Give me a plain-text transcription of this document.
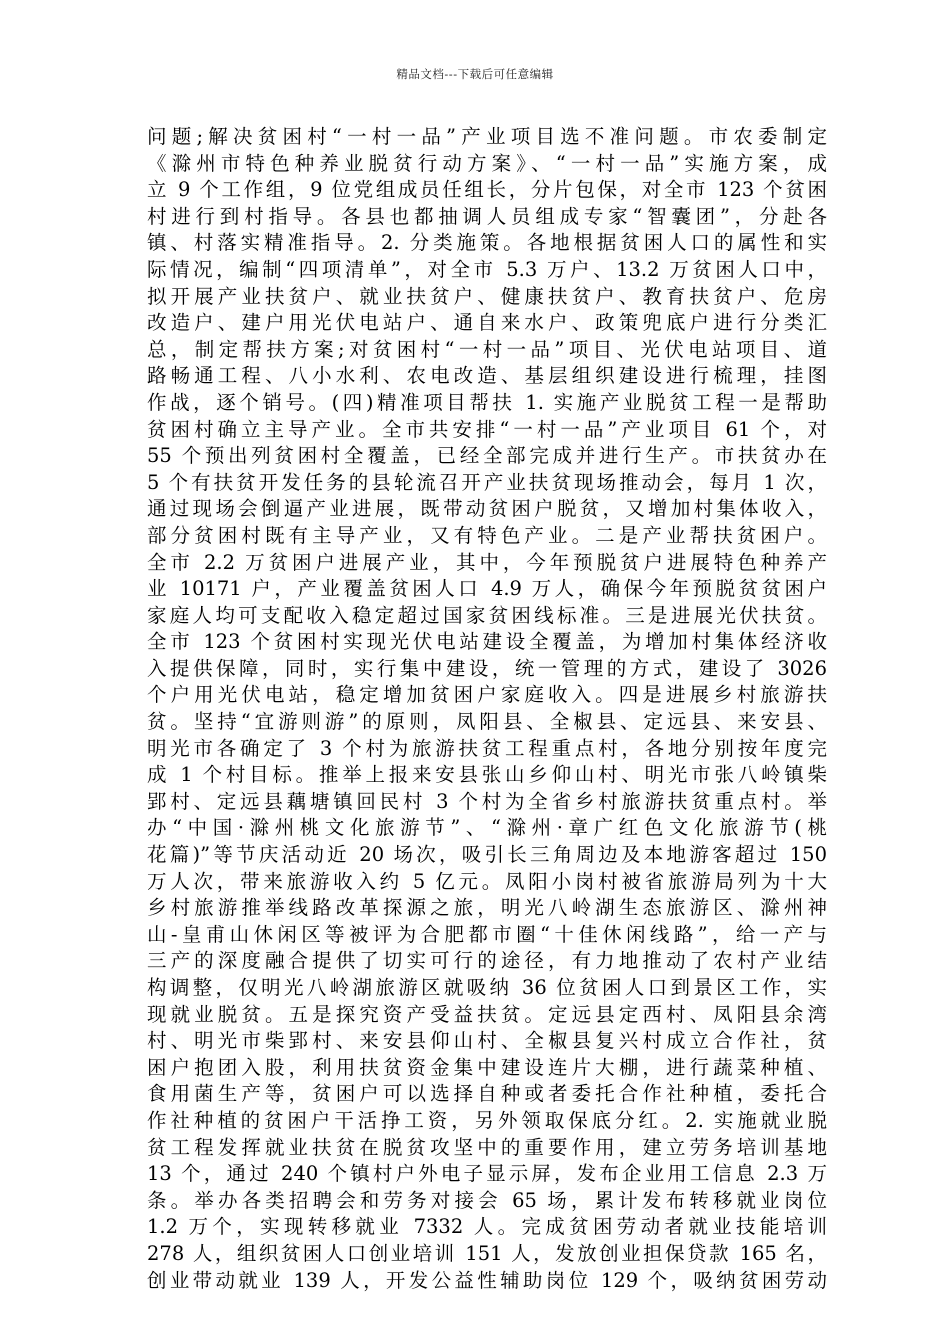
精品文档---下载后可任意编辑
问题;解决贫困村“一村一品”产业项目选不准问题。市农委制定
《滁州市特色种养业脱贫行动方案》、“一村一品”实施方案，成
立 9 个工作组，9 位党组成员任组长，分片包保，对全市 123 个贫困
村进行到村指导。各县也都抽调人员组成专家“智囊团”，分赴各
镇、村落实精准指导。2. 分类施策。各地根据贫困人口的属性和实
际情况，编制“四项清单”，对全市 5.3 万户、13.2 万贫困人口中，
拟开展产业扶贫户、就业扶贫户、健康扶贫户、教育扶贫户、危房
改造户、建户用光伏电站户、通自来水户、政策兜底户进行分类汇
总，制定帮扶方案;对贫困村“一村一品”项目、光伏电站项目、道
路畅通工程、八小水利、农电改造、基层组织建设进行梳理，挂图
作战，逐个销号。(四)精准项目帮扶 1. 实施产业脱贫工程一是帮助
贫困村确立主导产业。全市共安排“一村一品”产业项目 61 个，对
55 个预出列贫困村全覆盖，已经全部完成并进行生产。市扶贫办在
5 个有扶贫开发任务的县轮流召开产业扶贫现场推动会，每月 1 次，
通过现场会倒逼产业进展，既带动贫困户脱贫，又增加村集体收入，
部分贫困村既有主导产业，又有特色产业。二是产业帮扶贫困户。
全市 2.2 万贫困户进展产业，其中，今年预脱贫户进展特色种养产
业 10171 户，产业覆盖贫困人口 4.9 万人，确保今年预脱贫贫困户
家庭人均可支配收入稳定超过国家贫困线标准。三是进展光伏扶贫。
全市 123 个贫困村实现光伏电站建设全覆盖，为增加村集体经济收
入提供保障，同时，实行集中建设，统一管理的方式，建设了 3026
个户用光伏电站，稳定增加贫困户家庭收入。四是进展乡村旅游扶
贫。坚持“宜游则游”的原则，凤阳县、全椒县、定远县、来安县、
明光市各确定了 3 个村为旅游扶贫工程重点村，各地分别按年度完
成 1 个村目标。推举上报来安县张山乡仰山村、明光市张八岭镇柴
郢村、定远县藕塘镇回民村 3 个村为全省乡村旅游扶贫重点村。举
办“中国·滁州桃文化旅游节”、“滁州·章广红色文化旅游节(桃
花篇)”等节庆活动近 20 场次，吸引长三角周边及本地游客超过 150
万人次，带来旅游收入约 5 亿元。凤阳小岗村被省旅游局列为十大
乡村旅游推举线路改革探源之旅，明光八岭湖生态旅游区、滁州神
山-皇甫山休闲区等被评为合肥都市圈“十佳休闲线路”，给一产与
三产的深度融合提供了切实可行的途径，有力地推动了农村产业结
构调整，仅明光八岭湖旅游区就吸纳 36 位贫困人口到景区工作，实
现就业脱贫。五是探究资产受益扶贫。定远县定西村、凤阳县余湾
村、明光市柴郢村、来安县仰山村、全椒县复兴村成立合作社，贫
困户抱团入股，利用扶贫资金集中建设连片大棚，进行蔬菜种植、
食用菌生产等，贫困户可以选择自种或者委托合作社种植，委托合
作社种植的贫困户干活挣工资，另外领取保底分红。2. 实施就业脱
贫工程发挥就业扶贫在脱贫攻坚中的重要作用，建立劳务培训基地
13 个，通过 240 个镇村户外电子显示屏，发布企业用工信息 2.3 万
条。举办各类招聘会和劳务对接会 65 场，累计发布转移就业岗位
1.2 万个，实现转移就业 7332 人。完成贫困劳动者就业技能培训
278 人，组织贫困人口创业培训 151 人，发放创业担保贷款 165 名，
创业带动就业 139 人，开发公益性辅助岗位 129 个，吸纳贫困劳动
